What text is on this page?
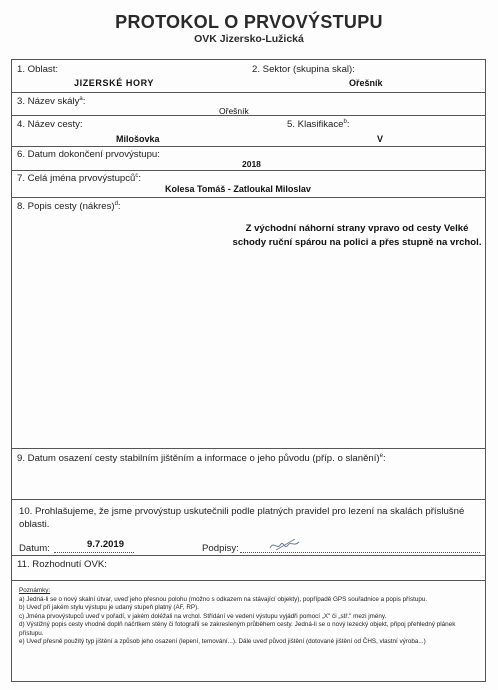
PROTOKOL O PRVOVÝSTUPU
OVK Jizersko-Lužická
1. Oblast:
JIZERSKÉ HORY
2. Sektor (skupina skal):
Ořešník
3. Název skály$^a$:
Ořešník
4. Název cesty:
Milošovka
5. Klasifikace$^b$:
V
6. Datum dokončení prvovýstupu:
2018
7. Celá jména prvovýstupců$^c$:
Kolesa Tomáš - Zatloukal Miloslav
8. Popis cesty (nákres)$^d$:
Z východní náhorní strany vpravo od cesty Velké schody ruční spárou na polici a přes stupně na vrchol.
9. Datum osazení cesty stabilním jištěním a informace o jeho původu (příp. o slanění)$^e$:
10. Prohlašujeme, že jsme prvovýstup uskutečnili podle platných pravidel pro lezení na skalách příslušné oblasti.
Datum:	9.7.2019	Podpisy:
11. Rozhodnutí OVK:
Poznámky:
a) Jedná-li se o nový skalní útvar, uveď jeho přesnou polohu (možno s odkazem na stávající objekty), popřípadě GPS souřadnice a popis přístupu.
b) Uveď při jakém stylu výstupu je udaný stupeň platný (AF, RP).
c) Jména prvovýstupců uveď v pořadí, v jakém doléžali na vrchol. Střídání ve vedení výstupu vyjádři pomocí „X" či „stř." mezi jmény.
d) Výstižný popis cesty vhodně doplň náčrtkem stěny či fotografií se zakresleným průběhem cesty. Jedná-li se o nový lezecký objekt, připoj přehledný plánek přístupu.
e) Uveď přesně použitý typ jištění a způsob jeho osazení (lepení, temování...). Dále uveď původ jištění (dotované jištění od ČHS, vlastní výroba...)
